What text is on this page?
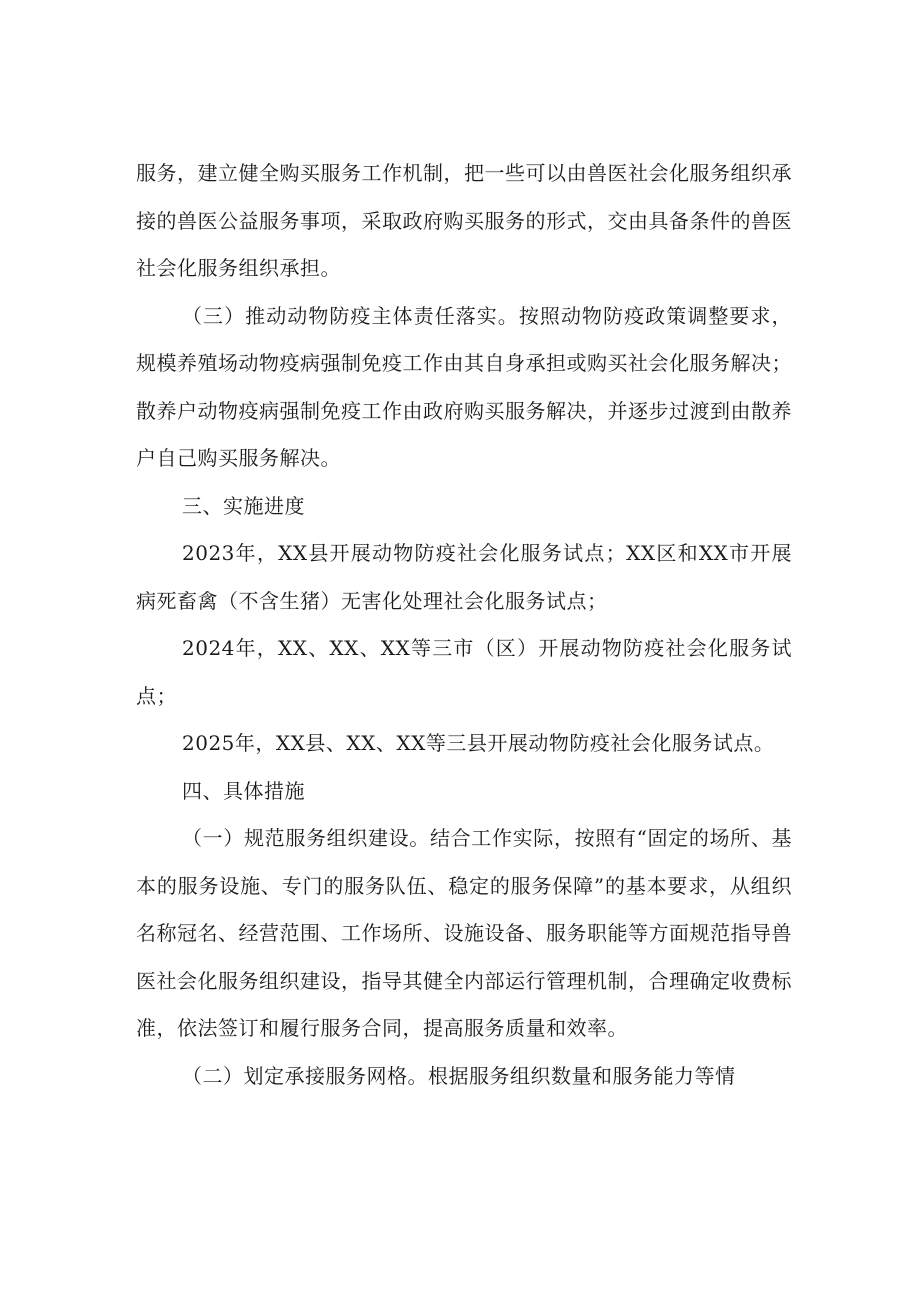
服务，建立健全购买服务工作机制，把一些可以由兽医社会化服务组织承接的兽医公益服务事项，采取政府购买服务的形式，交由具备条件的兽医社会化服务组织承担。

（三）推动动物防疫主体责任落实。按照动物防疫政策调整要求，规模养殖场动物疫病强制免疫工作由其自身承担或购买社会化服务解决；散养户动物疫病强制免疫工作由政府购买服务解决，并逐步过渡到由散养户自己购买服务解决。

三、实施进度

2023年，XX县开展动物防疫社会化服务试点；XX区和XX市开展病死畜禽（不含生猪）无害化处理社会化服务试点；

2024年，XX、XX、XX等三市（区）开展动物防疫社会化服务试点；

2025年，XX县、XX、XX等三县开展动物防疫社会化服务试点。

四、具体措施

（一）规范服务组织建设。结合工作实际，按照有“固定的场所、基本的服务设施、专门的服务队伍、稳定的服务保障”的基本要求，从组织名称冠名、经营范围、工作场所、设施设备、服务职能等方面规范指导兽医社会化服务组织建设，指导其健全内部运行管理机制，合理确定收费标准，依法签订和履行服务合同，提高服务质量和效率。

（二）划定承接服务网格。根据服务组织数量和服务能力等情
